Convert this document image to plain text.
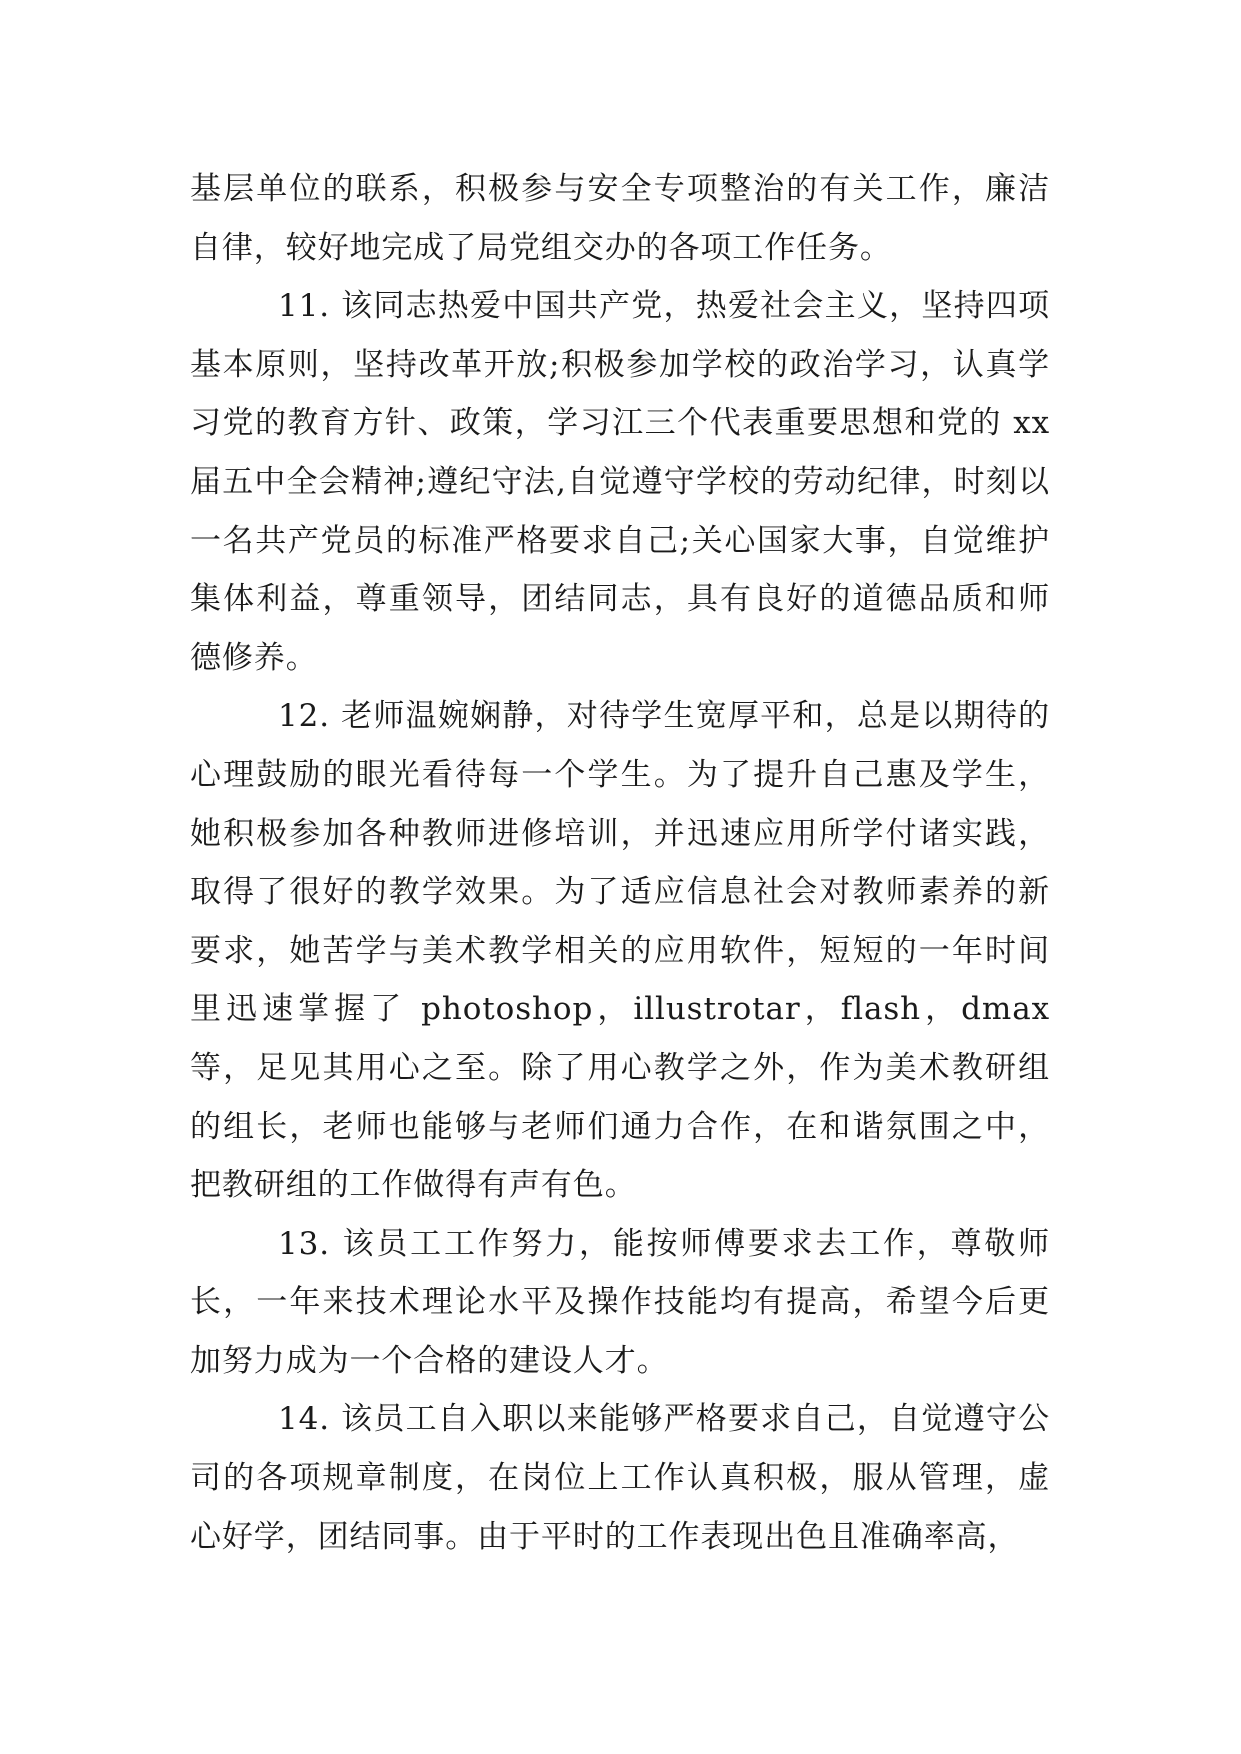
基层单位的联系，积极参与安全专项整治的有关工作，廉洁自律，较好地完成了局党组交办的各项工作任务。

11. 该同志热爱中国共产党，热爱社会主义，坚持四项基本原则，坚持改革开放;积极参加学校的政治学习，认真学习党的教育方针、政策，学习江三个代表重要思想和党的 xx 届五中全会精神;遵纪守法,自觉遵守学校的劳动纪律，时刻以一名共产党员的标准严格要求自己;关心国家大事，自觉维护集体利益，尊重领导，团结同志，具有良好的道德品质和师德修养。

12. 老师温婉娴静，对待学生宽厚平和，总是以期待的心理鼓励的眼光看待每一个学生。为了提升自己惠及学生，她积极参加各种教师进修培训，并迅速应用所学付诸实践，取得了很好的教学效果。为了适应信息社会对教师素养的新要求，她苦学与美术教学相关的应用软件，短短的一年时间里迅速掌握了 photoshop，illustrotar，flash，dmax 等，足见其用心之至。除了用心教学之外，作为美术教研组的组长，老师也能够与老师们通力合作，在和谐氛围之中，把教研组的工作做得有声有色。

13. 该员工工作努力，能按师傅要求去工作，尊敬师长，一年来技术理论水平及操作技能均有提高，希望今后更加努力成为一个合格的建设人才。

14. 该员工自入职以来能够严格要求自己，自觉遵守公司的各项规章制度，在岗位上工作认真积极，服从管理，虚心好学，团结同事。由于平时的工作表现出色且准确率高，
